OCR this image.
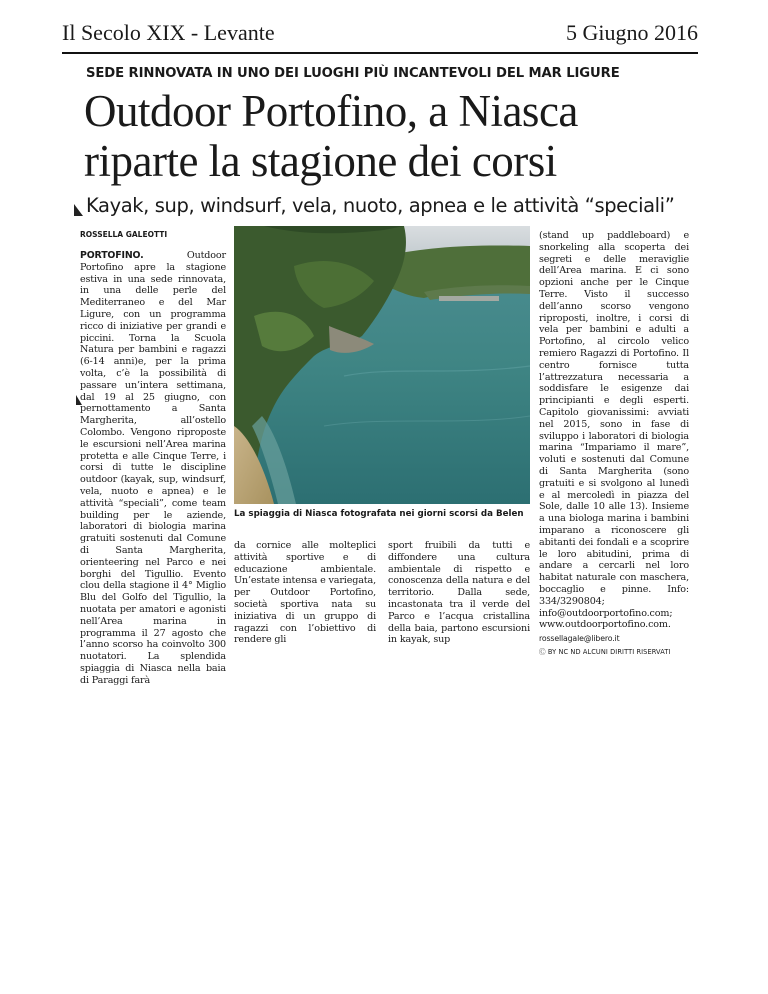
Il Secolo XIX - Levante	5 Giugno 2016
SEDE RINNOVATA IN UNO DEI LUOGHI PIÙ INCANTEVOLI DEL MAR LIGURE
Outdoor Portofino, a Niasca
riparte la stagione dei corsi
Kayak, sup, windsurf, vela, nuoto, apnea e le attività “speciali”
ROSSELLA GALEOTTI
PORTOFINO.	Outdoor Portofino apre la stagione estiva in una sede rinnovata, in una delle perle del Mediterraneo e del Mar Ligure, con un programma ricco di iniziative per grandi e piccini. Torna la Scuola Natura per bambini e ragazzi (6-14 anni)e, per la prima volta, c’è la possibilità di passare un’intera settimana, dal 19 al 25 giugno, con pernottamento a Santa Margherita, all’ostello Colombo. Vengono riproposte le escursioni nell’Area marina protetta e alle Cinque Terre, i corsi di tutte le discipline outdoor (kayak, sup, windsurf, vela, nuoto e apnea) e le attività “speciali”, come team building per le aziende, laboratori di biologia marina gratuiti sostenuti dal Comune di Santa Margherita, orienteering nel Parco e nei borghi del Tigullio. Evento clou della stagione il 4° Miglio Blu del Golfo del Tigullio, la nuotata per amatori e agonisti nell’Area marina in programma il 27 agosto che l’anno scorso ha coinvolto 300 nuotatori. La splendida spiaggia di Niasca nella baia di Paraggi farà
La spiaggia di Niasca fotografata nei giorni scorsi da Belen
da cornice alle molteplici attività sportive e di educazione ambientale. Un’estate intensa e variegata, per Outdoor Portofino, società sportiva nata su iniziativa di un gruppo di ragazzi con l’obiettivo di rendere gli
sport fruibili da tutti e diffondere una cultura ambientale di rispetto e conoscenza della natura e del territorio. Dalla sede, incastonata tra il verde del Parco e l’acqua cristallina della baia, partono escursioni in kayak, sup
(stand up paddleboard) e snorkeling alla scoperta dei segreti e delle meraviglie dell’Area marina. E ci sono opzioni anche per le Cinque Terre. Visto il successo dell’anno scorso vengono riproposti, inoltre, i corsi di vela per bambini e adulti a Portofino, al circolo velico remiero Ragazzi di Portofino. Il centro fornisce tutta l’attrezzatura necessaria a soddisfare le esigenze dai principianti e degli esperti. Capitolo giovanissimi: avviati nel 2015, sono in fase di sviluppo i laboratori di biologia marina “Impariamo il mare”, voluti e sostenuti dal Comune di Santa Margherita (sono gratuiti e si svolgono al lunedì e al mercoledì in piazza del Sole, dalle 10 alle 13). Insieme a una biologa marina i bambini imparano a riconoscere gli abitanti dei fondali e a scoprire le loro abitudini, prima di andare a cercarli nel loro habitat naturale con maschera, boccaglio e pinne. Info: 334/3290804; info@outdoorportofino.com; www.outdoorportofino.com.
rossellagale@libero.it
Ⓒ BY NC ND ALCUNI DIRITTI RISERVATI
